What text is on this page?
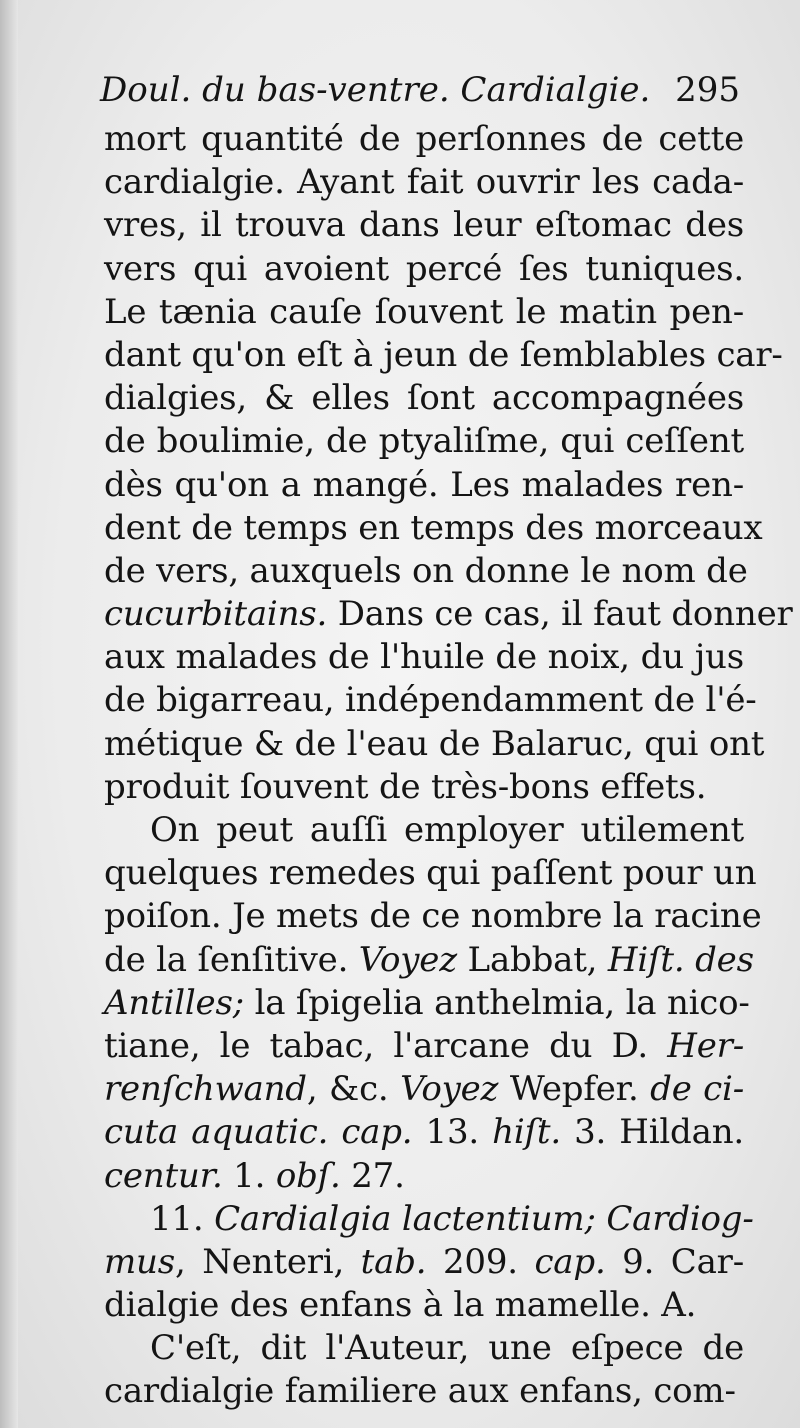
Doul. du bas-ventre. Cardialgie. 295
mort quantité de perſonnes de cette
cardialgie. Ayant fait ouvrir les cada-
vres, il trouva dans leur eſtomac des
vers qui avoient percé ſes tuniques.
Le tænia cauſe ſouvent le matin pen-
dant qu'on eſt à jeun de ſemblables car-
dialgies, & elles ſont accompagnées
de boulimie, de ptyaliſme, qui ceſſent
dès qu'on a mangé. Les malades ren-
dent de temps en temps des morceaux
de vers, auxquels on donne le nom de
cucurbitains. Dans ce cas, il faut donner
aux malades de l'huile de noix, du jus
de bigarreau, indépendamment de l'é-
métique & de l'eau de Balaruc, qui ont
produit ſouvent de très-bons effets.
On peut auſſi employer utilement
quelques remedes qui paſſent pour un
poiſon. Je mets de ce nombre la racine
de la ſenſitive. Voyez Labbat, Hiſt. des
Antilles; la ſpigelia anthelmia, la nico-
tiane, le tabac, l'arcane du D. Her-
renſchwand, &c. Voyez Wepfer. de ci-
cuta aquatic. cap. 13. hiſt. 3. Hildan.
centur. 1. obſ. 27.
11. Cardialgia lactentium; Cardiog-
mus, Nenteri, tab. 209. cap. 9. Car-
dialgie des enfans à la mamelle. A.
C'eſt, dit l'Auteur, une eſpece de
cardialgie familiere aux enfans, com-
